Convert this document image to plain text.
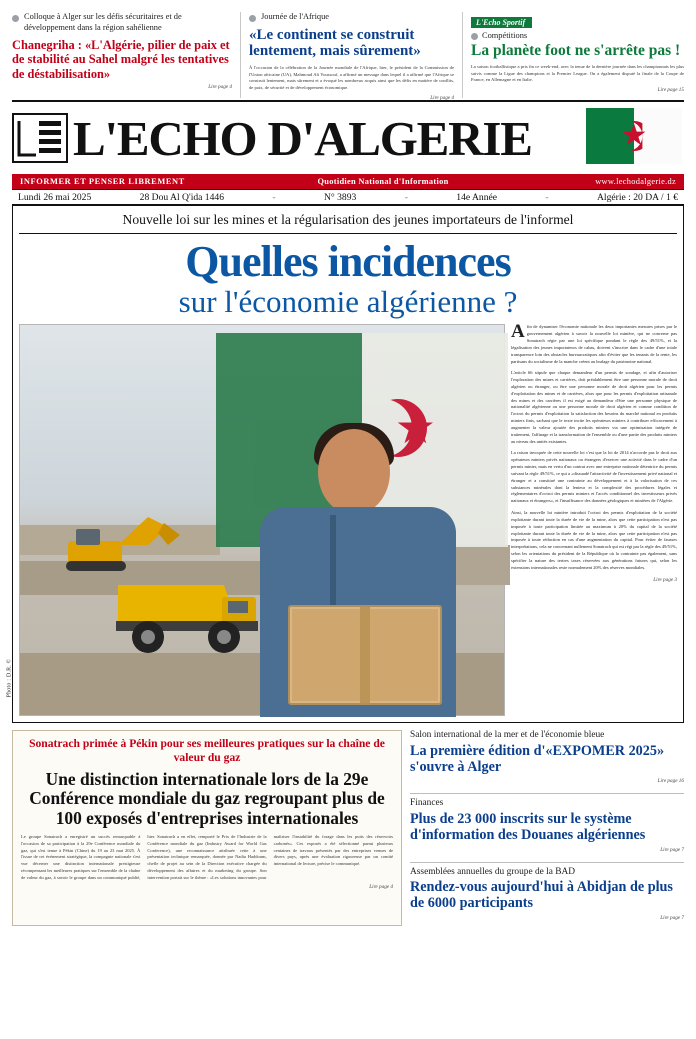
Colloque à Alger sur les défis sécuritaires et de développement dans la région sahélienne
Chanegriha : «L'Algérie, pilier de paix et de stabilité au Sahel malgré les tentatives de déstabilisation»
Lire page 4
Journée de l'Afrique
«Le continent se construit lentement, mais sûrement»
À l'occasion de la célébration de la Journée mondiale de l'Afrique, hier, le président de la Commission de l'Union africaine (UA), Mahmoud Ali Youssouf, a affirmé un message dans lequel il a affirmé que l'Afrique se construit lentement, mais sûrement et a évoqué les nombreux acquis ainsi que les défis en matière de conflits, de paix, de sécurité et de développement économique.
Lire page 4
L'Echo Sportif
Compétitions
La planète foot ne s'arrête pas !
La saison footballistique a pris fin ce week-end, avec la tenue de la dernière journée dans les championnats les plus suivis comme la Ligue des champions et la Premier League. On a également disputé la finale de la Coupe de France, en Allemagne et en Italie.
Lire page 15
L'ECHO D'ALGERIE	★
INFORMER ET PENSER LIBREMENT	Quotidien National d'Information	www.lechodalgerie.dz
Lundi 26 mai 2025	28 Dou Al Q'ida 1446	-	N° 3893	-	14e Année	-	Algérie : 20 DA / 1 €
Nouvelle loi sur les mines et la régularisation des jeunes importateurs de l'informel
Quelles incidences
sur l'économie algérienne ?
★
Photo : D.R. ©

Afin de dynamiser l'économie nationale les deux importantes mesures prises par le gouvernement algérien à savoir la nouvelle loi minière, qui ne concerne pas Sonatrach régie par une loi spécifique pondant le règle des 49/51%, et la légalisation des jeunes importateurs de cabas, doivent s'inscrire dans le cadre d'une totale transparence loin des obstacles bureaucratiques afin d'éviter que les tenants de la rente, les partisans du socialisme de la manche créent au bralage du patrimoine national.

L'article 66 stipule que chaque demandeur d'un permis de sondage, et afin d'autoriser l'exploration des mines et carrières, doit préalablement être une personne morale de droit algérien ou étranger, ou être une personne morale de droit algérien pour les permis d'exploitation des mines et de carrières, alors que pour les permis d'exploitation artisanale des mines et des carrières il est exigé au demandeur d'être une personne physique de nationalité algérienne ou une personne morale de droit algérien et comme condition de l'octroi du permis d'exploitation la satisfaction des besoins du marché national en produits miniers finis, sachant que le texte incite les opérateurs miniers à contribuer efficacement à augmenter la valeur ajoutée des produits miniers via une optimisation intégrée de traitement, l'affinage et la transformation de l'ensemble ou d'une partie des produits miniers au niveau des unités existantes.

La raison invoquée de cette nouvelle loi c'est que la loi de 2014 n'accorde pas le droit aux opérateurs miniers privés nationaux ou étrangers d'exercer une activité dans le cadre d'un permis minier, mais en vertu d'un contrat avec une entreprise nationale détentrice du permis suivant la règle 49/51%, ce qui a «dissuadé l'attractivité de l'investissement privé national et étranger et a constitué une contrainte au développement et à la valorisation de ces substances minérales dont la lenteur et la complexité des procédures légales et réglementaires d'octroi des permis miniers et l'accès conditionnel des investisseurs privés nationaux et étrangers», et l'insuffisance des données géologiques et minières de l'Algérie.

Ainsi, la nouvelle loi minière introduit l'octroi des permis d'exploitation de la société exploitante durant toute la durée de vie de la mine, alors que cette participation n'est pas imposée à toute participation limitée au maximum à 20% du capital de la société exploitante durant toute la durée de vie de la mine, alors que cette participation n'est pas imposée à toute réduction en cas d'une augmentation du capital. Pour éviter de fausses interprétations, cela ne concernant nullement Sonatrach qui est régi par la règle des 49/51%, selon les orientations du président de la République où la contrainte pas également, sans spécifier la nature des tertres taxes réservées aux générations futures qui, selon les extensions internationales reste normalement 20% des réserves mondiales.

Lire page 3
Sonatrach primée à Pékin pour ses meilleures pratiques sur la chaîne de valeur du gaz
Une distinction internationale lors de la 29e Conférence mondiale du gaz regroupant plus de 100 exposés d'entreprises internationales
Le groupe Sonatrach a enregistré un succès remarquable à l'occasion de sa participation à la 29e Conférence mondiale du gaz, qui s'est tenue à Pékin (Chine) du 19 au 23 mai 2025. À l'issue de cet événement stratégique, la compagnie nationale s'est vue décerner une distinction internationale prestigieuse récompensant les meilleures pratiques sur l'ensemble de la chaîne de valeur du gaz, à savoir le groupe dans un communiqué publié, hier. Sonatrach a en effet, remporté le Prix de l'Industrie de la Conférence mondiale du gaz (Industry Award for World Gas Conference), une reconnaissance attribuée cette à une présentation technique remarquée, donnée par Nadia Haddoum, chefle de projet au sein de la Direction exécutive chargée du développement des affaires et du marketing du groupe. Son intervention portait sur le thème : «Les solutions innovantes pour maîtriser l'instabilité du forage dans les puits des réservoirs carbonés». Ces exposés a été sélectionné parmi plusieurs centaines de travaux présentés par des entreprises venues de divers pays, après une évaluation rigoureuse par un comité international de lecture, précise le communiqué.
Lire page 4
Salon international de la mer et de l'économie bleue
La première édition d'«EXPOMER 2025» s'ouvre à Alger
Lire page 16
Finances
Plus de 23 000 inscrits sur le système d'information des Douanes algériennes
Lire page 7
Assemblées annuelles du groupe de la BAD
Rendez-vous aujourd'hui à Abidjan de plus de 6000 participants
Lire page 7
